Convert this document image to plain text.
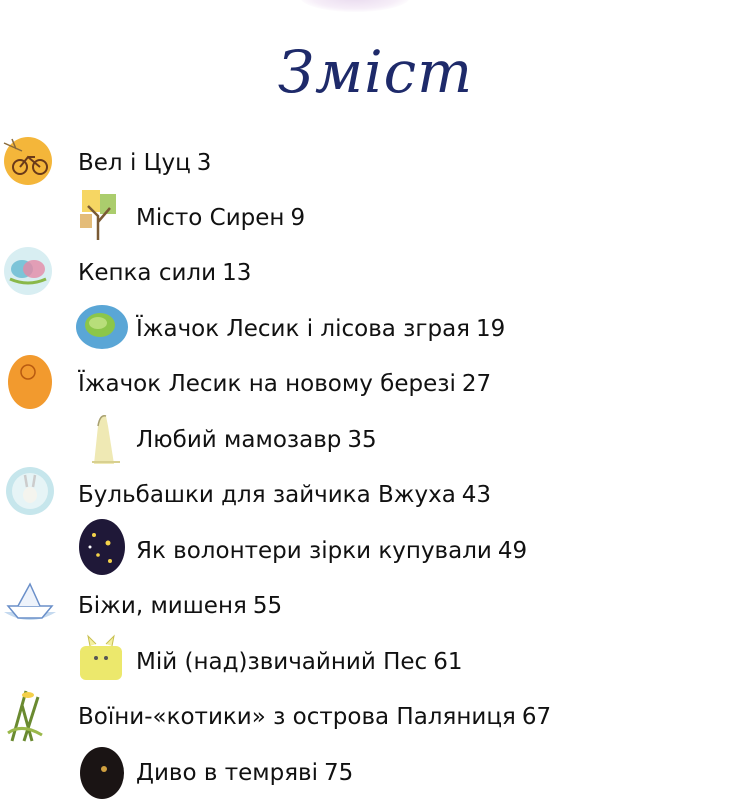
Зміст
Вел і Цуц 3
Місто Сирен 9
Кепка сили 13
Їжачок Лесик і лісова зграя 19
Їжачок Лесик на новому березі 27
Любий мамозавр 35
Бульбашки для зайчика Вжуха 43
Як волонтери зірки купували 49
Біжи, мишеня 55
Мій (над)звичайний Пес 61
Воїни-«котики» з острова Паляниця 67
Диво в темряві 75
